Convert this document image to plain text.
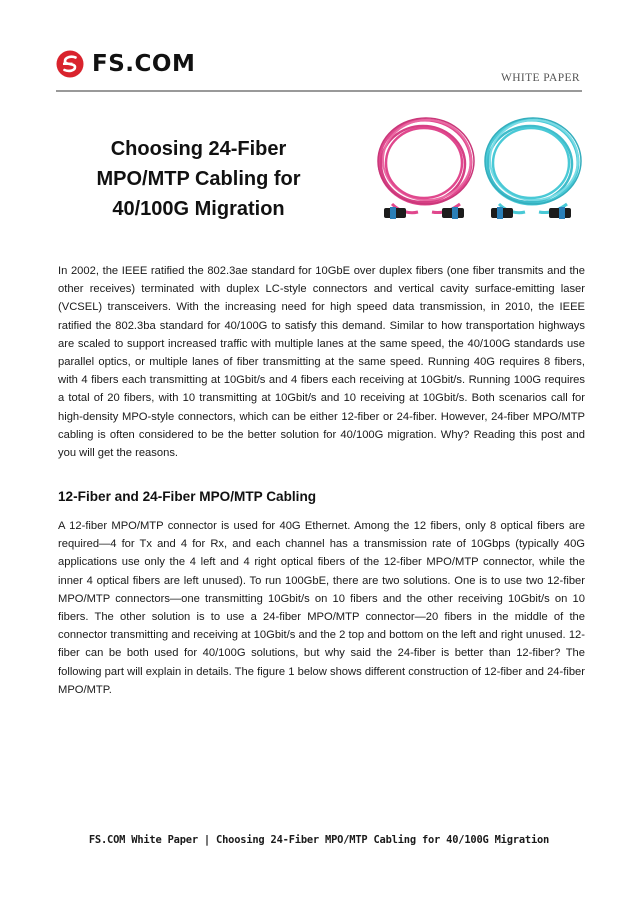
FS.COM
WHITE PAPER
Choosing 24-Fiber MPO/MTP Cabling for 40/100G Migration

In 2002, the IEEE ratified the 802.3ae standard for 10GbE over duplex fibers (one fiber transmits and the other receives) terminated with duplex LC-style connectors and vertical cavity surface-emitting laser (VCSEL) transceivers. With the increasing need for high speed data transmission, in 2010, the IEEE ratified the 802.3ba standard for 40/100G to satisfy this demand. Similar to how transportation highways are scaled to support increased traffic with multiple lanes at the same speed, the 40/100G standards use parallel optics, or multiple lanes of fiber transmitting at the same speed. Running 40G requires 8 fibers, with 4 fibers each transmitting at 10Gbit/s and 4 fibers each receiving at 10Gbit/s. Running 100G requires a total of 20 fibers, with 10 transmitting at 10Gbit/s and 10 receiving at 10Gbit/s. Both scenarios call for high-density MPO-style connectors, which can be either 12-fiber or 24-fiber. However, 24-fiber MPO/MTP cabling is often considered to be the better solution for 40/100G migration. Why? Reading this post and you will get the reasons.

12-Fiber and 24-Fiber MPO/MTP Cabling

A 12-fiber MPO/MTP connector is used for 40G Ethernet. Among the 12 fibers, only 8 optical fibers are required—4 for Tx and 4 for Rx, and each channel has a transmission rate of 10Gbps (typically 40G applications use only the 4 left and 4 right optical fibers of the 12-fiber MPO/MTP connector, while the inner 4 optical fibers are left unused). To run 100GbE, there are two solutions. One is to use two 12-fiber MPO/MTP connectors—one transmitting 10Gbit/s on 10 fibers and the other receiving 10Gbit/s on 10 fibers. The other solution is to use a 24-fiber MPO/MTP connector—20 fibers in the middle of the connector transmitting and receiving at 10Gbit/s and the 2 top and bottom on the left and right unused. 12-fiber can be both used for 40/100G solutions, but why said the 24-fiber is better than 12-fiber? The following part will explain in details. The figure 1 below shows different construction of 12-fiber and 24-fiber MPO/MTP.

FS.COM White Paper | Choosing 24-Fiber MPO/MTP Cabling for 40/100G Migration
